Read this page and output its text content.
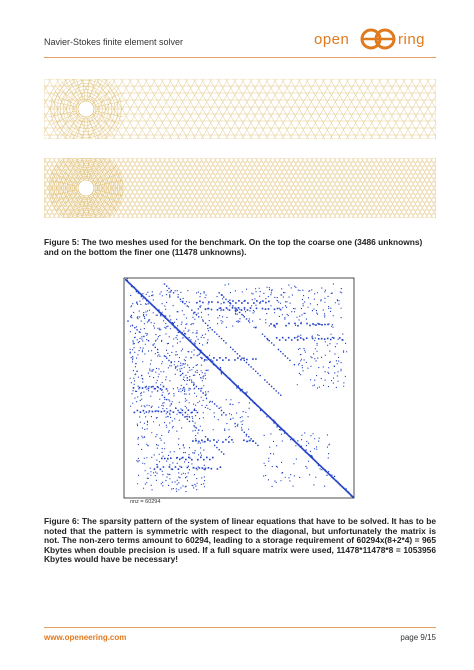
Navier-Stokes finite element solver	open	ring
Figure 5: The two meshes used for the benchmark. On the top the coarse one (3486 unknowns) and on the bottom the finer one (11478 unknowns).
nnz = 60294
Figure 6: The sparsity pattern of the system of linear equations that have to be solved. It has to be noted that the pattern is symmetric with respect to the diagonal, but unfortunately the matrix is not. The non-zero terms amount to 60294, leading to a storage requirement of 60294x(8+2*4) = 965 Kbytes when double precision is used. If a full square matrix were used, 11478*11478*8 = 1053956 Kbytes would have be necessary!
www.openeering.com	page 9/15
